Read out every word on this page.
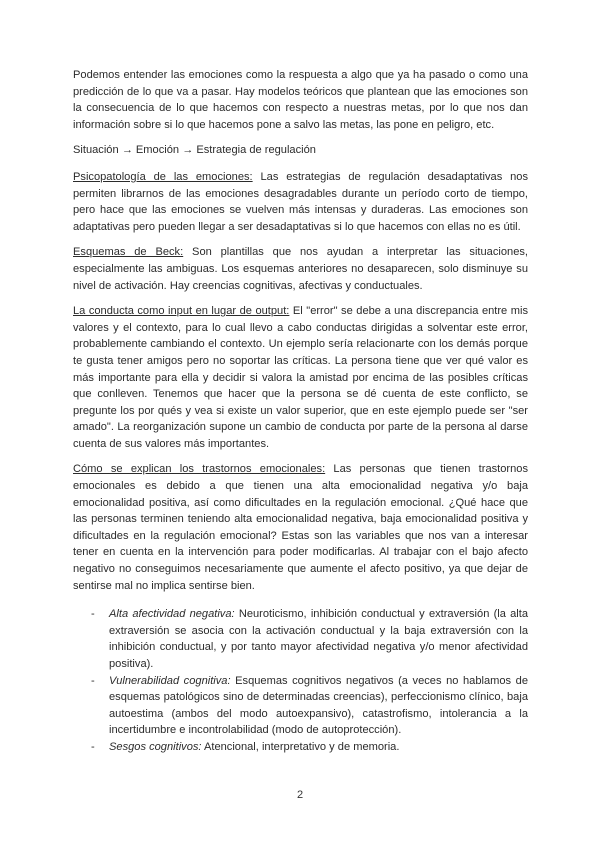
Podemos entender las emociones como la respuesta a algo que ya ha pasado o como una predicción de lo que va a pasar. Hay modelos teóricos que plantean que las emociones son la consecuencia de lo que hacemos con respecto a nuestras metas, por lo que nos dan información sobre si lo que hacemos pone a salvo las metas, las pone en peligro, etc.

Situación → Emoción → Estrategia de regulación

Psicopatología de las emociones: Las estrategias de regulación desadaptativas nos permiten librarnos de las emociones desagradables durante un período corto de tiempo, pero hace que las emociones se vuelven más intensas y duraderas. Las emociones son adaptativas pero pueden llegar a ser desadaptativas si lo que hacemos con ellas no es útil.

Esquemas de Beck: Son plantillas que nos ayudan a interpretar las situaciones, especialmente las ambiguas. Los esquemas anteriores no desaparecen, solo disminuye su nivel de activación. Hay creencias cognitivas, afectivas y conductuales.

La conducta como input en lugar de output: El "error" se debe a una discrepancia entre mis valores y el contexto, para lo cual llevo a cabo conductas dirigidas a solventar este error, probablemente cambiando el contexto. Un ejemplo sería relacionarte con los demás porque te gusta tener amigos pero no soportar las críticas. La persona tiene que ver qué valor es más importante para ella y decidir si valora la amistad por encima de las posibles críticas que conlleven. Tenemos que hacer que la persona se dé cuenta de este conflicto, se pregunte los por qués y vea si existe un valor superior, que en este ejemplo puede ser "ser amado". La reorganización supone un cambio de conducta por parte de la persona al darse cuenta de sus valores más importantes.

Cómo se explican los trastornos emocionales: Las personas que tienen trastornos emocionales es debido a que tienen una alta emocionalidad negativa y/o baja emocionalidad positiva, así como dificultades en la regulación emocional. ¿Qué hace que las personas terminen teniendo alta emocionalidad negativa, baja emocionalidad positiva y dificultades en la regulación emocional? Estas son las variables que nos van a interesar tener en cuenta en la intervención para poder modificarlas. Al trabajar con el bajo afecto negativo no conseguimos necesariamente que aumente el afecto positivo, ya que dejar de sentirse mal no implica sentirse bien.

- Alta afectividad negativa: Neuroticismo, inhibición conductual y extraversión (la alta extraversión se asocia con la activación conductual y la baja extraversión con la inhibición conductual, y por tanto mayor afectividad negativa y/o menor afectividad positiva).
- Vulnerabilidad cognitiva: Esquemas cognitivos negativos (a veces no hablamos de esquemas patológicos sino de determinadas creencias), perfeccionismo clínico, baja autoestima (ambos del modo autoexpansivo), catastrofismo, intolerancia a la incertidumbre e incontrolabilidad (modo de autoprotección).
- Sesgos cognitivos: Atencional, interpretativo y de memoria.
2
